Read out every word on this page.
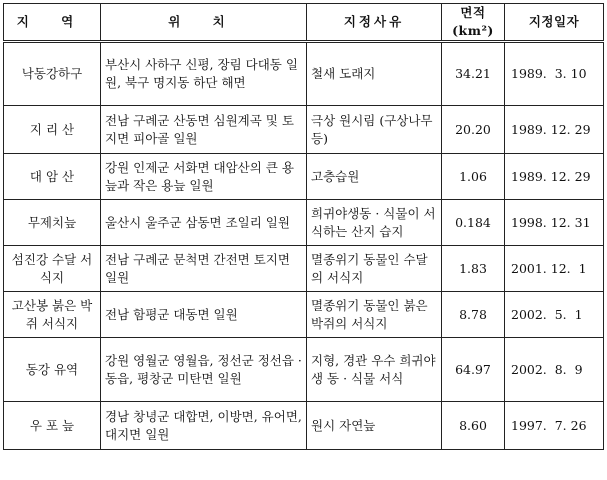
지 역	위 치	지정사유	면적(km²)	지정일자
낙동강하구	부산시 사하구 신평, 장림 다대동 일원, 북구 명지동 하단 해면	철새 도래지	34.21	1989.  3. 10
지 리 산	전남 구례군 산동면 심원계곡 및 토지면 피아골 일원	극상 원시림 (구상나무등)	20.20	1989. 12. 29
대 암 산	강원 인제군 서화면 대암산의 큰 용늪과 작은 용늪 일원	고층습원	1.06	1989. 12. 29
무제치늪	울산시 울주군 삼동면 조일리 일원	희귀야생동 · 식물이 서식하는 산지 습지	0.184	1998. 12. 31
섬진강 수달 서식지	전남 구례군 문척면 간전면 토지면 일원	멸종위기 동물인 수달의 서식지	1.83	2001. 12.  1
고산봉 붉은 박쥐 서식지	전남 함평군 대동면 일원	멸종위기 동물인 붉은박쥐의 서식지	8.78	2002.  5.  1
동강 유역	강원 영월군 영월읍, 정선군 정선읍 · 동읍, 평창군 미탄면 일원	지형, 경관 우수 희귀야생 동 · 식물 서식	64.97	2002.  8.  9
우 포 늪	경남 창녕군 대합면, 이방면, 유어면, 대지면 일원	원시 자연늪	8.60	1997.  7. 26
